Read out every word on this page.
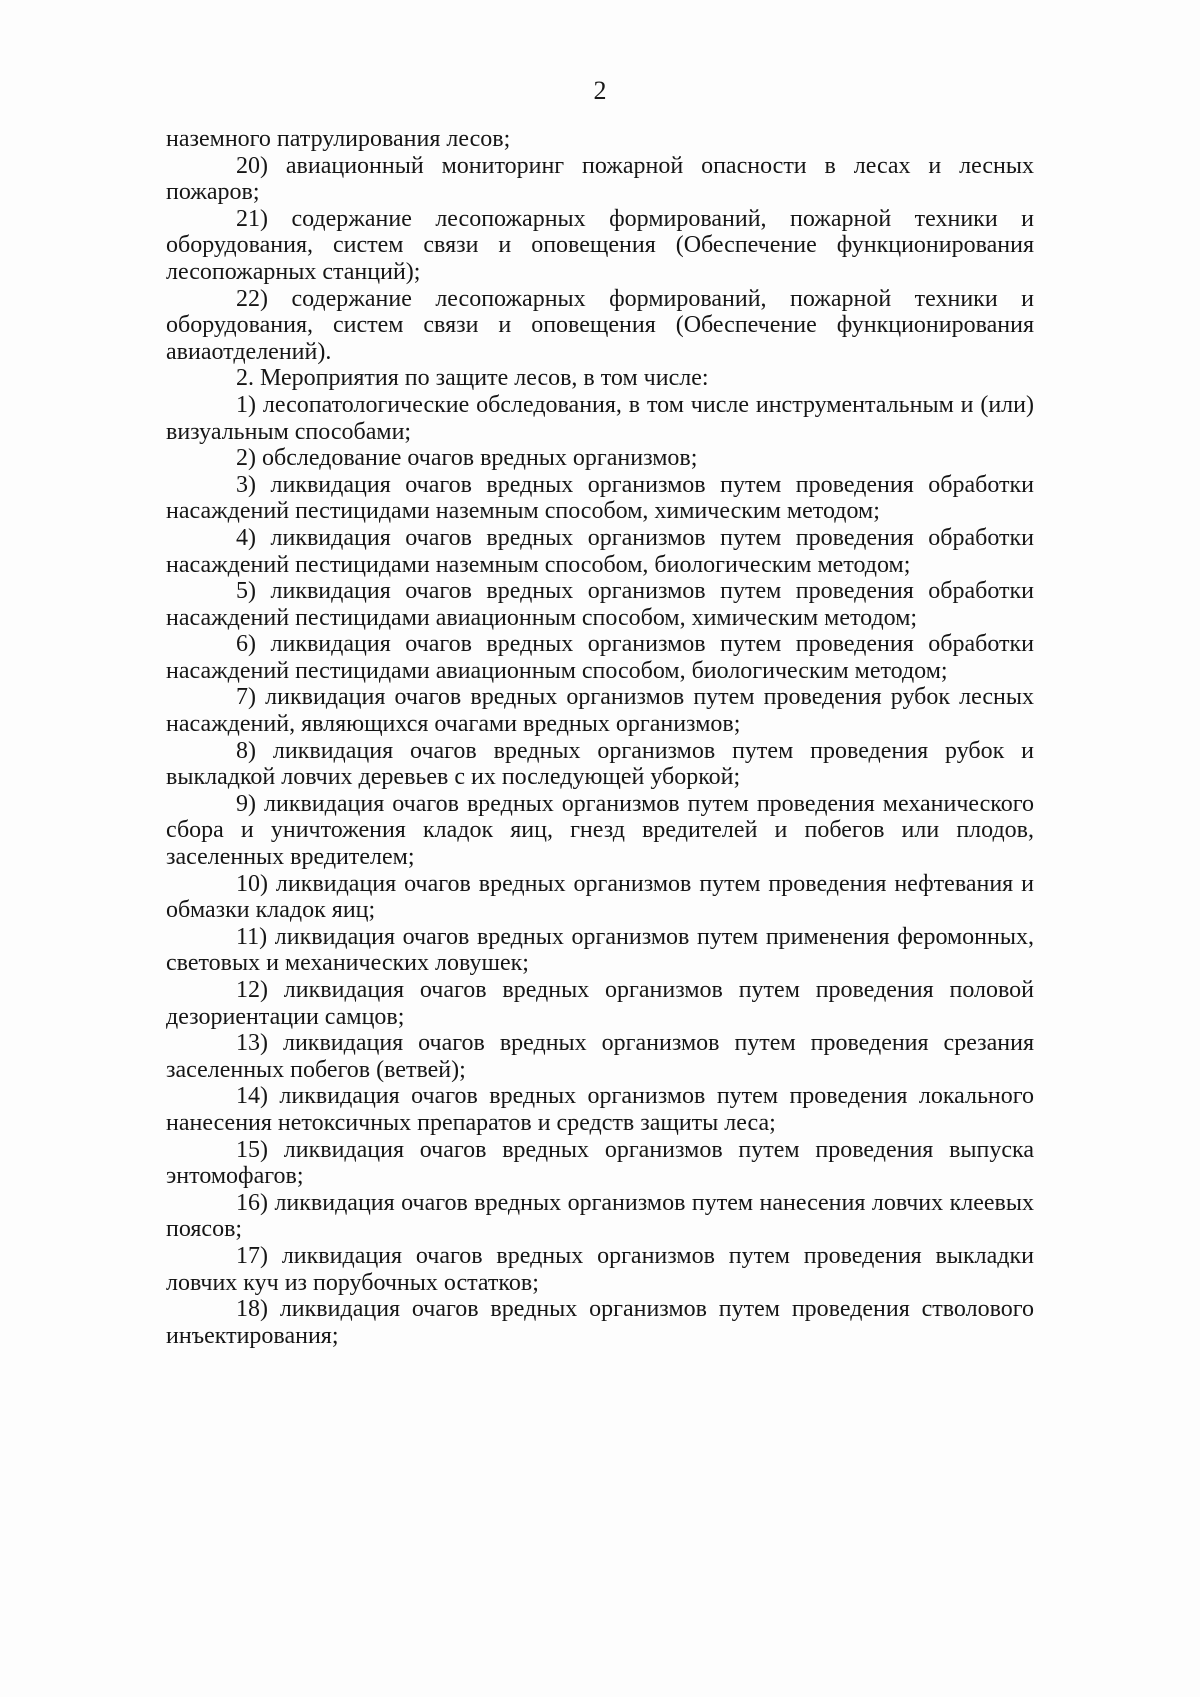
2

наземного патрулирования лесов;

20) авиационный мониторинг пожарной опасности в лесах и лесных пожаров;

21) содержание лесопожарных формирований, пожарной техники и оборудования, систем связи и оповещения (Обеспечение функционирования лесопожарных станций);

22) содержание лесопожарных формирований, пожарной техники и оборудования, систем связи и оповещения (Обеспечение функционирования авиаотделений).

2. Мероприятия по защите лесов, в том числе:

1) лесопатологические обследования, в том числе инструментальным и (или) визуальным способами;

2) обследование очагов вредных организмов;

3) ликвидация очагов вредных организмов путем проведения обработки насаждений пестицидами наземным способом, химическим методом;

4) ликвидация очагов вредных организмов путем проведения обработки насаждений пестицидами наземным способом, биологическим методом;

5) ликвидация очагов вредных организмов путем проведения обработки насаждений пестицидами авиационным способом, химическим методом;

6) ликвидация очагов вредных организмов путем проведения обработки насаждений пестицидами авиационным способом, биологическим методом;

7) ликвидация очагов вредных организмов путем проведения рубок лесных насаждений, являющихся очагами вредных организмов;

8) ликвидация очагов вредных организмов путем проведения рубок и выкладкой ловчих деревьев с их последующей уборкой;

9) ликвидация очагов вредных организмов путем проведения механического сбора и уничтожения кладок яиц, гнезд вредителей и побегов или плодов, заселенных вредителем;

10) ликвидация очагов вредных организмов путем проведения нефтевания и обмазки кладок яиц;

11) ликвидация очагов вредных организмов путем применения феромонных, световых и механических ловушек;

12) ликвидация очагов вредных организмов путем проведения половой дезориентации самцов;

13) ликвидация очагов вредных организмов путем проведения срезания заселенных побегов (ветвей);

14) ликвидация очагов вредных организмов путем проведения локального нанесения нетоксичных препаратов и средств защиты леса;

15) ликвидация очагов вредных организмов путем проведения выпуска энтомофагов;

16) ликвидация очагов вредных организмов путем нанесения ловчих клеевых поясов;

17) ликвидация очагов вредных организмов путем проведения выкладки ловчих куч из порубочных остатков;

18) ликвидация очагов вредных организмов путем проведения стволового инъектирования;
